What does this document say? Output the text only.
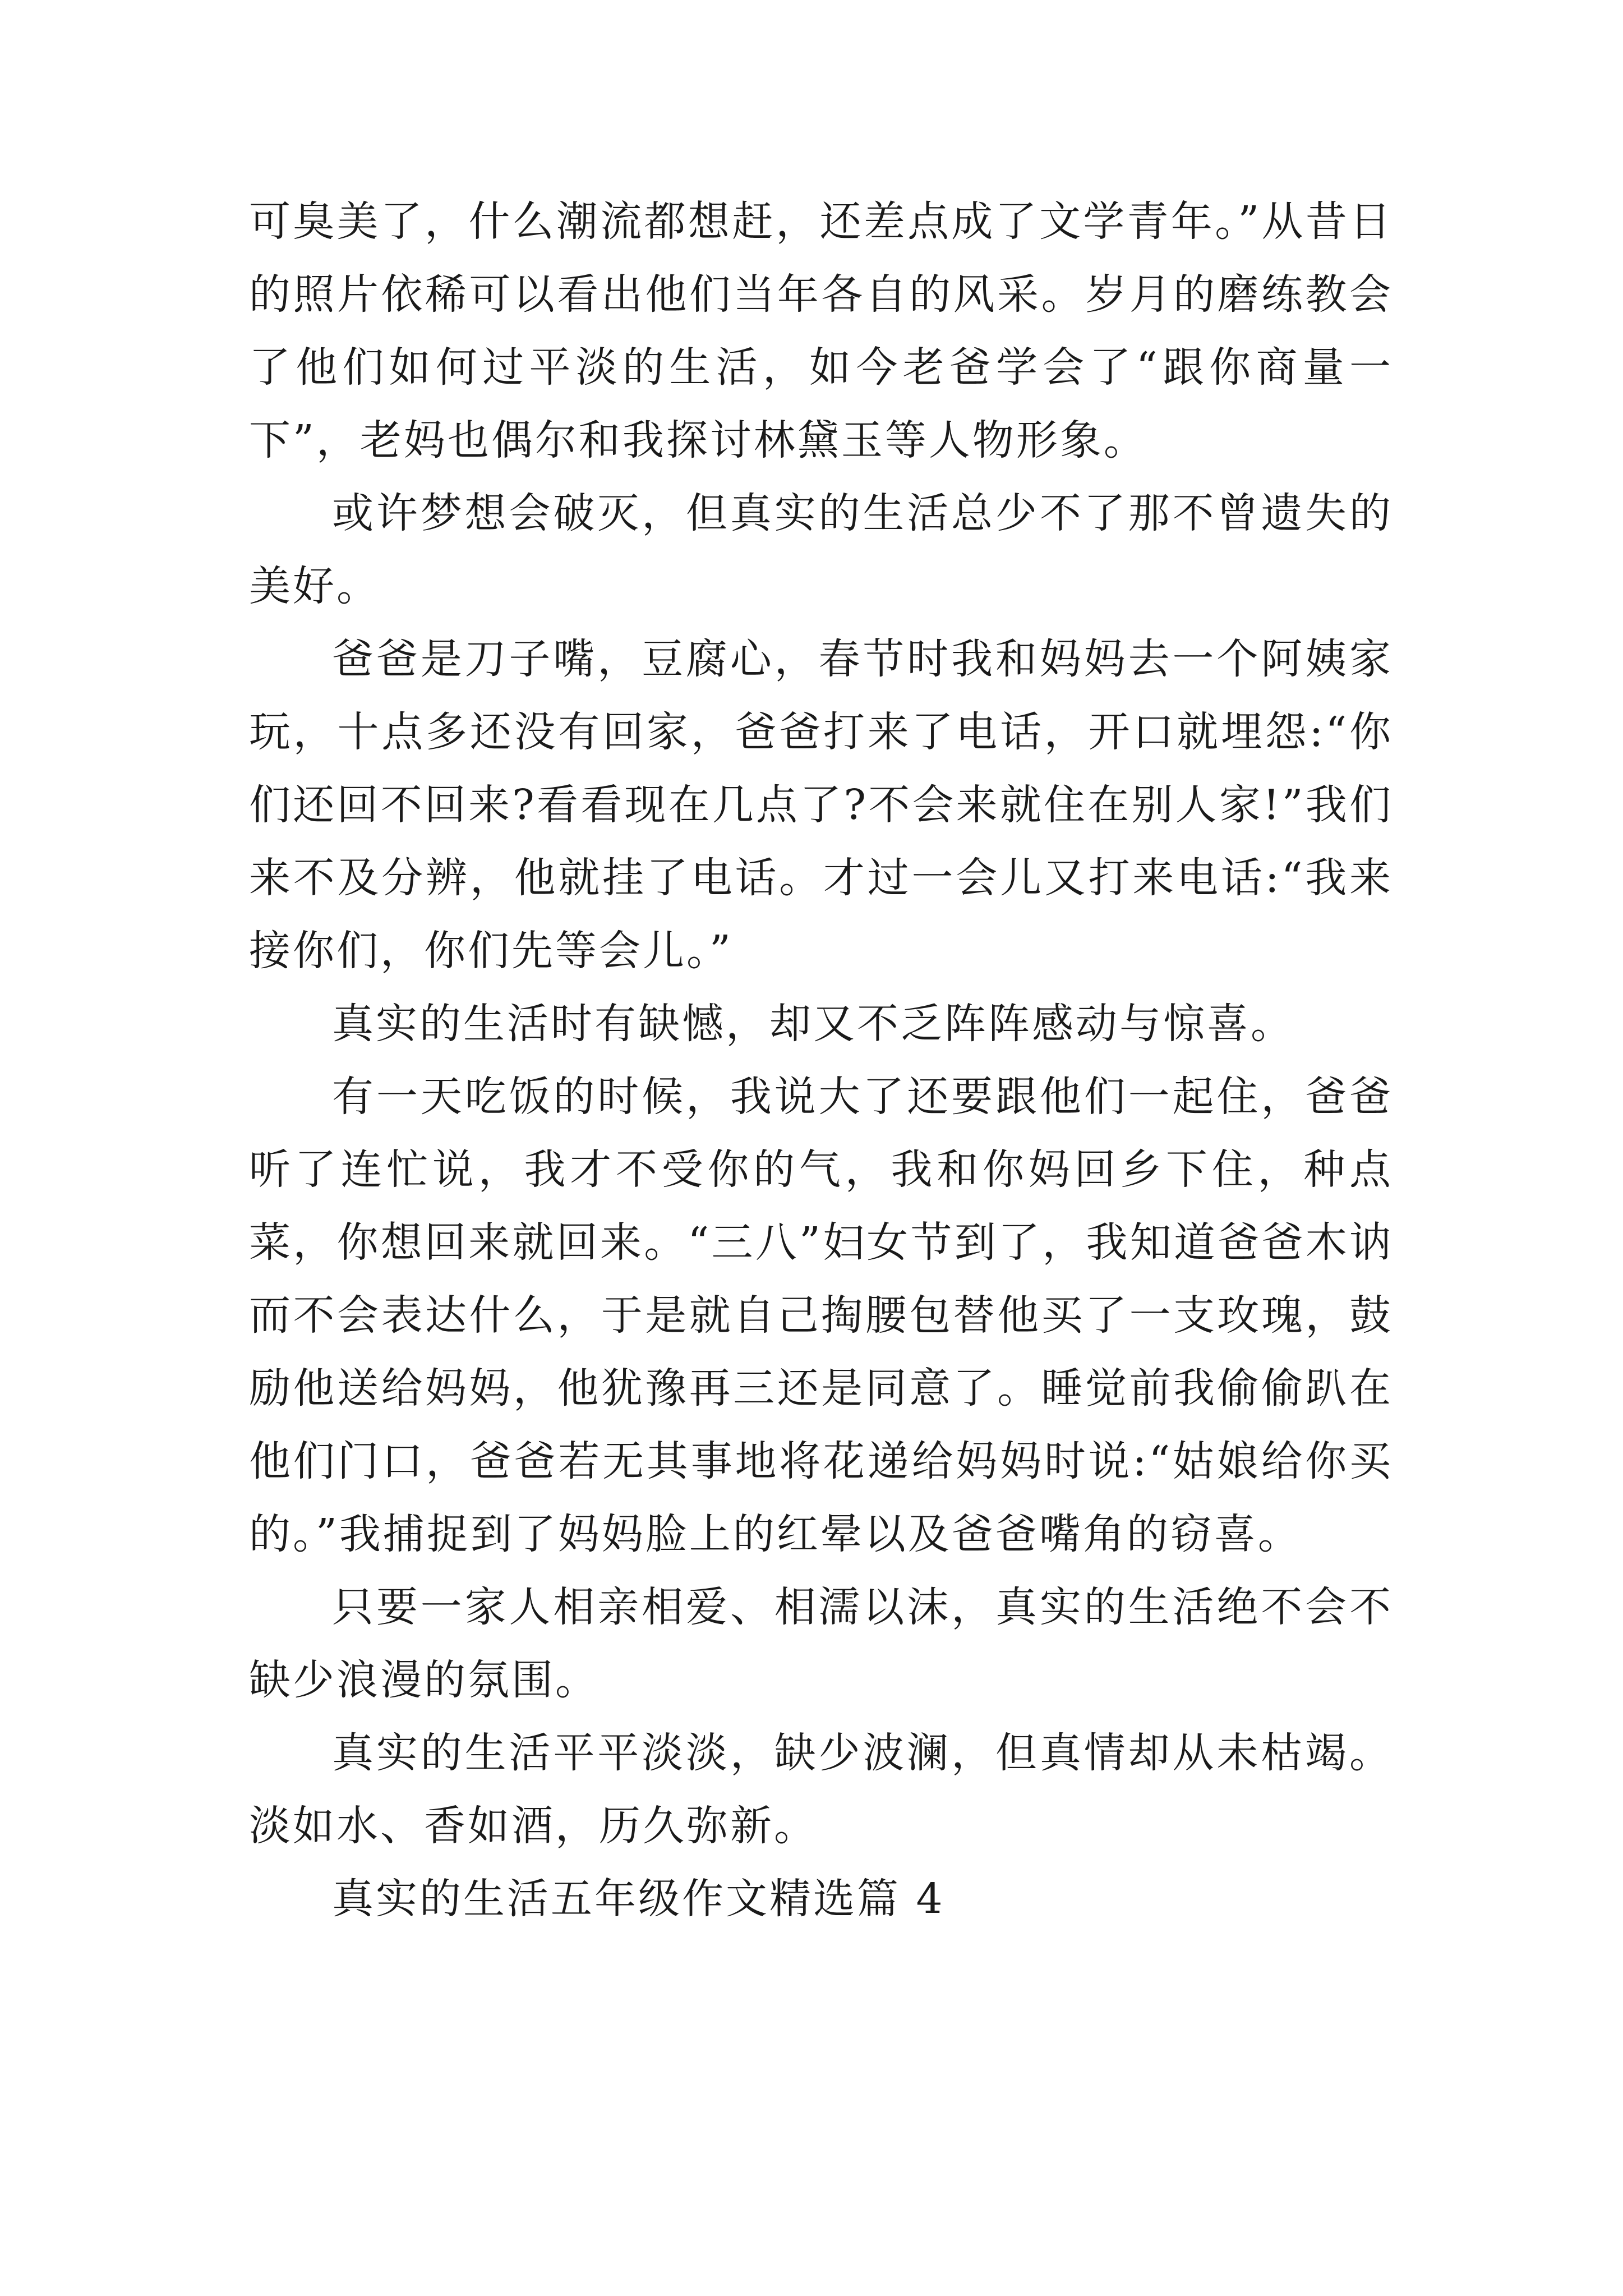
可臭美了，什么潮流都想赶，还差点成了文学青年。”从昔日的照片依稀可以看出他们当年各自的风采。岁月的磨练教会了他们如何过平淡的生活，如今老爸学会了“跟你商量一下”，老妈也偶尔和我探讨林黛玉等人物形象。

或许梦想会破灭，但真实的生活总少不了那不曾遗失的美好。

爸爸是刀子嘴，豆腐心，春节时我和妈妈去一个阿姨家玩，十点多还没有回家，爸爸打来了电话，开口就埋怨:“你们还回不回来?看看现在几点了?不会来就住在别人家!”我们来不及分辨，他就挂了电话。才过一会儿又打来电话:“我来接你们，你们先等会儿。”

真实的生活时有缺憾，却又不乏阵阵感动与惊喜。

有一天吃饭的时候，我说大了还要跟他们一起住，爸爸听了连忙说，我才不受你的气，我和你妈回乡下住，种点菜，你想回来就回来。“三八”妇女节到了，我知道爸爸木讷而不会表达什么，于是就自己掏腰包替他买了一支玫瑰，鼓励他送给妈妈，他犹豫再三还是同意了。睡觉前我偷偷趴在他们门口，爸爸若无其事地将花递给妈妈时说:“姑娘给你买的。”我捕捉到了妈妈脸上的红晕以及爸爸嘴角的窃喜。

只要一家人相亲相爱、相濡以沫，真实的生活绝不会不缺少浪漫的氛围。

真实的生活平平淡淡，缺少波澜，但真情却从未枯竭。淡如水、香如酒，历久弥新。

真实的生活五年级作文精选篇 4
